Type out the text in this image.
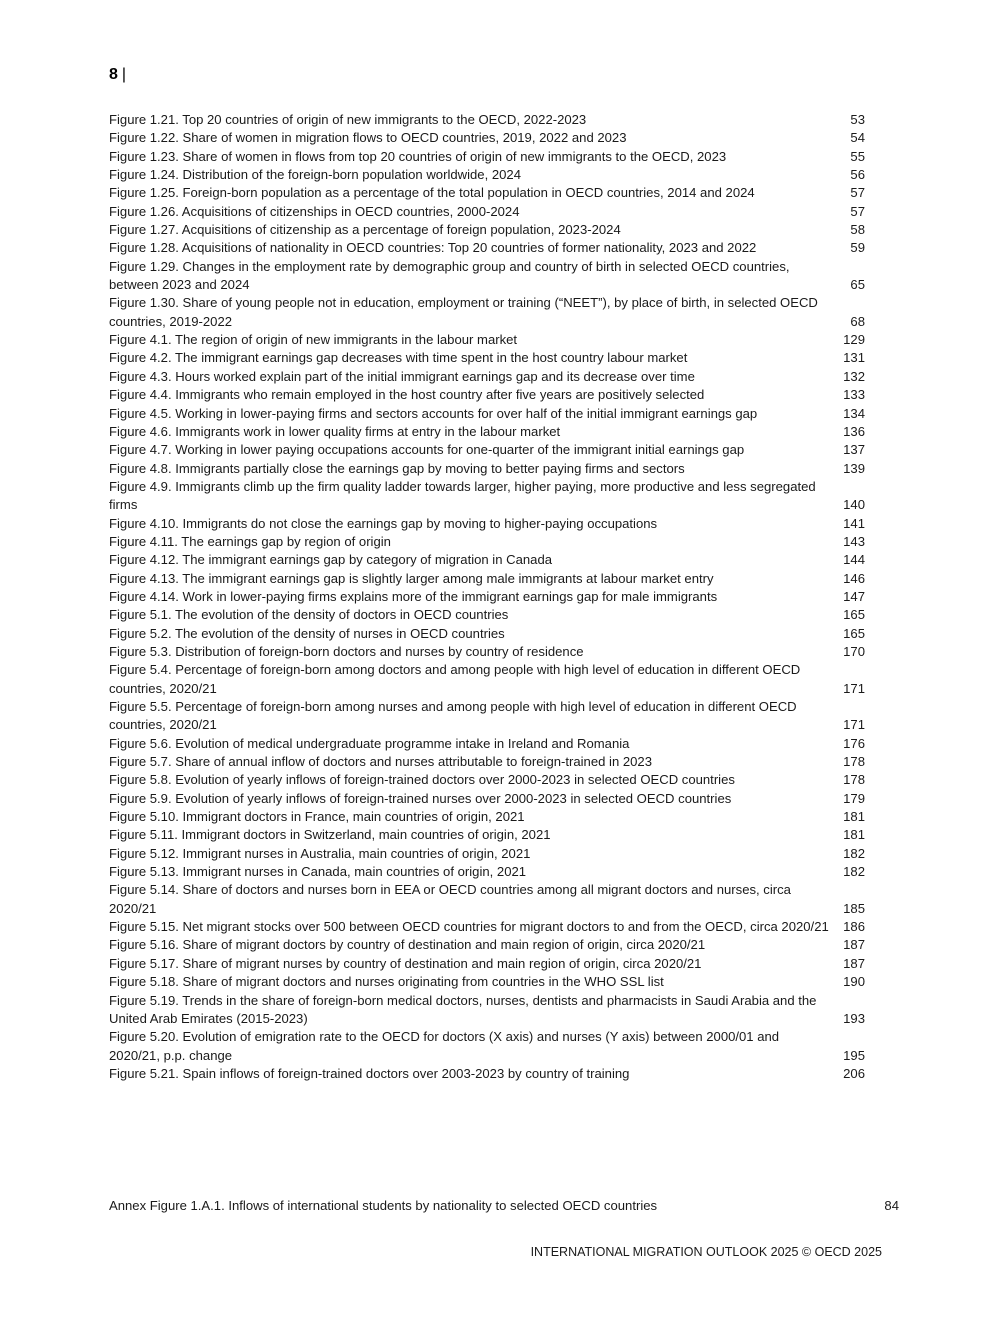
8 |
Figure 1.21. Top 20 countries of origin of new immigrants to the OECD, 2022-2023	53
Figure 1.22. Share of women in migration flows to OECD countries, 2019, 2022 and 2023	54
Figure 1.23. Share of women in flows from top 20 countries of origin of new immigrants to the OECD, 2023	55
Figure 1.24. Distribution of the foreign-born population worldwide, 2024	56
Figure 1.25. Foreign-born population as a percentage of the total population in OECD countries, 2014 and 2024	57
Figure 1.26. Acquisitions of citizenships in OECD countries, 2000-2024	57
Figure 1.27. Acquisitions of citizenship as a percentage of foreign population, 2023-2024	58
Figure 1.28. Acquisitions of nationality in OECD countries: Top 20 countries of former nationality, 2023 and 2022	59
Figure 1.29. Changes in the employment rate by demographic group and country of birth in selected OECD countries, between 2023 and 2024	65
Figure 1.30. Share of young people not in education, employment or training (“NEET”), by place of birth, in selected OECD countries, 2019-2022	68
Figure 4.1. The region of origin of new immigrants in the labour market	129
Figure 4.2. The immigrant earnings gap decreases with time spent in the host country labour market	131
Figure 4.3. Hours worked explain part of the initial immigrant earnings gap and its decrease over time	132
Figure 4.4. Immigrants who remain employed in the host country after five years are positively selected	133
Figure 4.5. Working in lower-paying firms and sectors accounts for over half of the initial immigrant earnings gap	134
Figure 4.6. Immigrants work in lower quality firms at entry in the labour market	136
Figure 4.7. Working in lower paying occupations accounts for one-quarter of the immigrant initial earnings gap	137
Figure 4.8. Immigrants partially close the earnings gap by moving to better paying firms and sectors	139
Figure 4.9. Immigrants climb up the firm quality ladder towards larger, higher paying, more productive and less segregated firms	140
Figure 4.10. Immigrants do not close the earnings gap by moving to higher-paying occupations	141
Figure 4.11. The earnings gap by region of origin	143
Figure 4.12. The immigrant earnings gap by category of migration in Canada	144
Figure 4.13. The immigrant earnings gap is slightly larger among male immigrants at labour market entry	146
Figure 4.14. Work in lower-paying firms explains more of the immigrant earnings gap for male immigrants	147
Figure 5.1. The evolution of the density of doctors in OECD countries	165
Figure 5.2. The evolution of the density of nurses in OECD countries	165
Figure 5.3. Distribution of foreign-born doctors and nurses by country of residence	170
Figure 5.4. Percentage of foreign-born among doctors and among people with high level of education in different OECD countries, 2020/21	171
Figure 5.5. Percentage of foreign-born among nurses and among people with high level of education in different OECD countries, 2020/21	171
Figure 5.6. Evolution of medical undergraduate programme intake in Ireland and Romania	176
Figure 5.7. Share of annual inflow of doctors and nurses attributable to foreign-trained in 2023	178
Figure 5.8. Evolution of yearly inflows of foreign-trained doctors over 2000-2023 in selected OECD countries	178
Figure 5.9. Evolution of yearly inflows of foreign-trained nurses over 2000-2023 in selected OECD countries	179
Figure 5.10. Immigrant doctors in France, main countries of origin, 2021	181
Figure 5.11. Immigrant doctors in Switzerland, main countries of origin, 2021	181
Figure 5.12. Immigrant nurses in Australia, main countries of origin, 2021	182
Figure 5.13. Immigrant nurses in Canada, main countries of origin, 2021	182
Figure 5.14. Share of doctors and nurses born in EEA or OECD countries among all migrant doctors and nurses, circa 2020/21	185
Figure 5.15. Net migrant stocks over 500 between OECD countries for migrant doctors to and from the OECD, circa 2020/21 186
Figure 5.16. Share of migrant doctors by country of destination and main region of origin, circa 2020/21	187
Figure 5.17. Share of migrant nurses by country of destination and main region of origin, circa 2020/21	187
Figure 5.18. Share of migrant doctors and nurses originating from countries in the WHO SSL list	190
Figure 5.19. Trends in the share of foreign-born medical doctors, nurses, dentists and pharmacists in Saudi Arabia and the United Arab Emirates (2015-2023)	193
Figure 5.20. Evolution of emigration rate to the OECD for doctors (X axis) and nurses (Y axis) between 2000/01 and 2020/21, p.p. change	195
Figure 5.21. Spain inflows of foreign-trained doctors over 2003-2023 by country of training	206
Annex Figure 1.A.1. Inflows of international students by nationality to selected OECD countries	84
INTERNATIONAL MIGRATION OUTLOOK 2025 © OECD 2025
